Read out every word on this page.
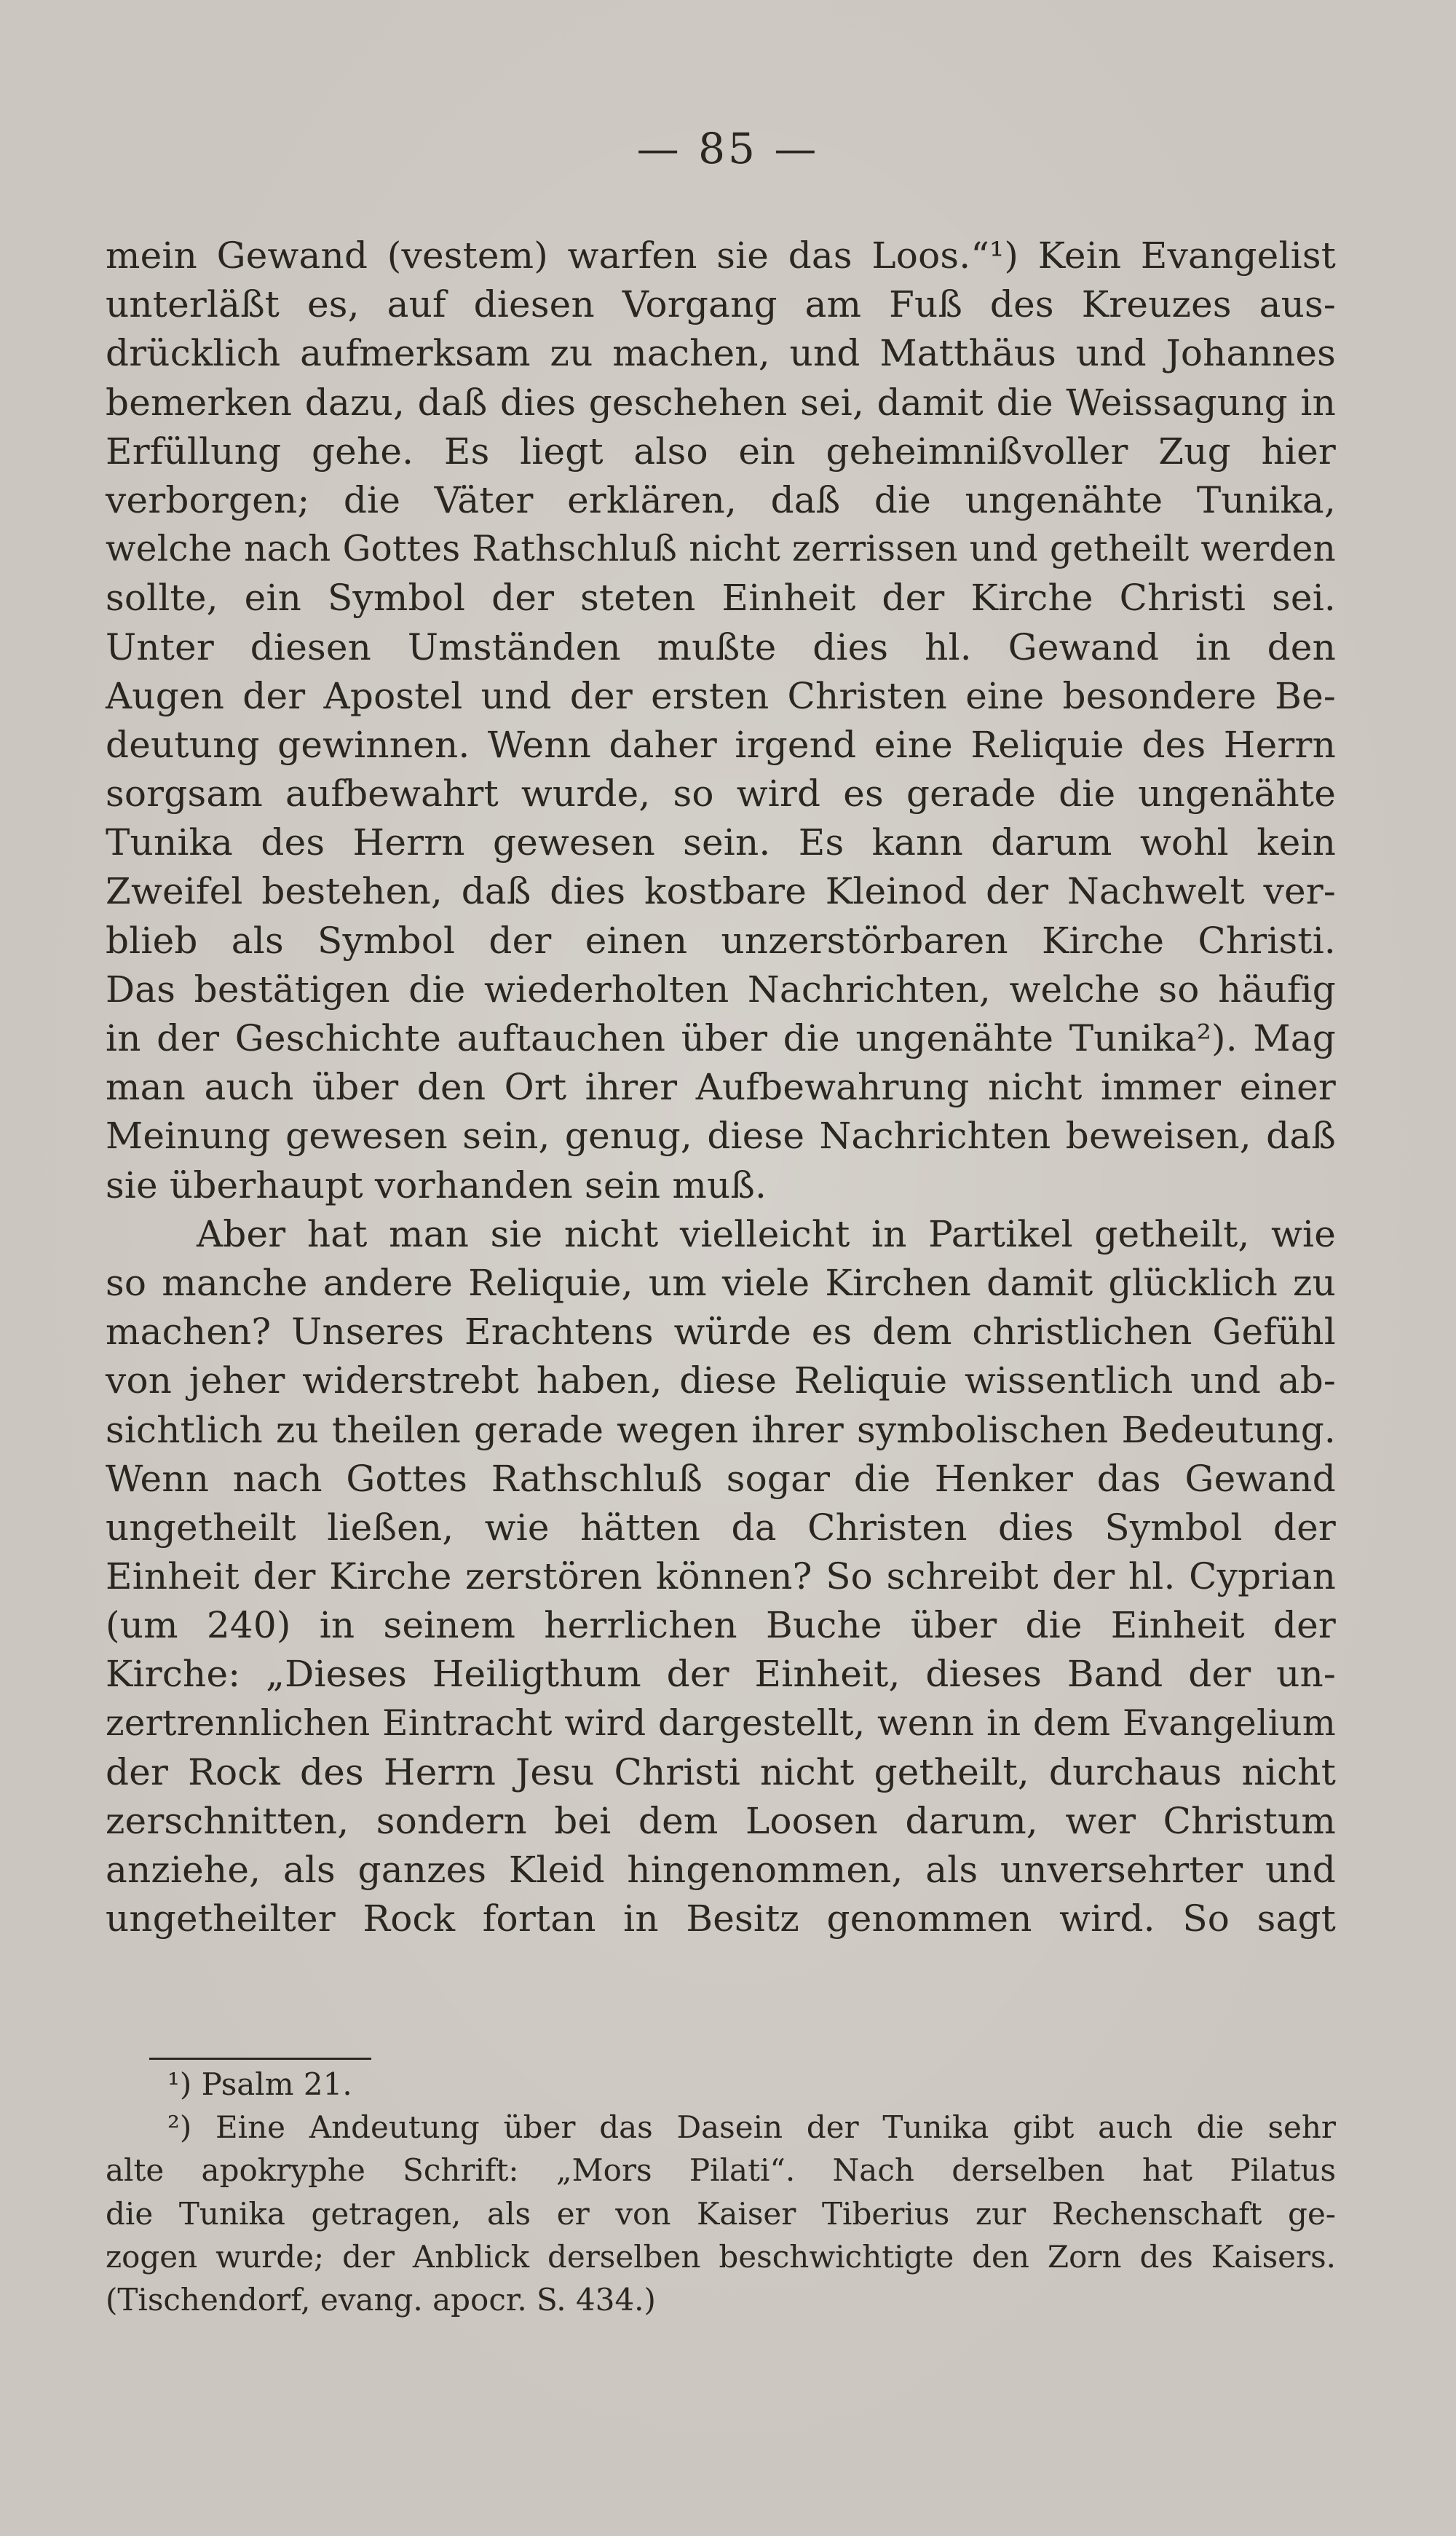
— 85 —
mein Gewand (vestem) warfen sie das Loos.“¹) Kein Evangelist
unterläßt es, auf diesen Vorgang am Fuß des Kreuzes aus-
drücklich aufmerksam zu machen, und Matthäus und Johannes
bemerken dazu, daß dies geschehen sei, damit die Weissagung in
Erfüllung gehe. Es liegt also ein geheimnißvoller Zug hier
verborgen; die Väter erklären, daß die ungenähte Tunika,
welche nach Gottes Rathschluß nicht zerrissen und getheilt werden
sollte, ein Symbol der steten Einheit der Kirche Christi sei.
Unter diesen Umständen mußte dies hl. Gewand in den
Augen der Apostel und der ersten Christen eine besondere Be-
deutung gewinnen. Wenn daher irgend eine Reliquie des Herrn
sorgsam aufbewahrt wurde, so wird es gerade die ungenähte
Tunika des Herrn gewesen sein. Es kann darum wohl kein
Zweifel bestehen, daß dies kostbare Kleinod der Nachwelt ver-
blieb als Symbol der einen unzerstörbaren Kirche Christi.
Das bestätigen die wiederholten Nachrichten, welche so häufig
in der Geschichte auftauchen über die ungenähte Tunika²). Mag
man auch über den Ort ihrer Aufbewahrung nicht immer einer
Meinung gewesen sein, genug, diese Nachrichten beweisen, daß
sie überhaupt vorhanden sein muß.
Aber hat man sie nicht vielleicht in Partikel getheilt, wie
so manche andere Reliquie, um viele Kirchen damit glücklich zu
machen? Unseres Erachtens würde es dem christlichen Gefühl
von jeher widerstrebt haben, diese Reliquie wissentlich und ab-
sichtlich zu theilen gerade wegen ihrer symbolischen Bedeutung.
Wenn nach Gottes Rathschluß sogar die Henker das Gewand
ungetheilt ließen, wie hätten da Christen dies Symbol der
Einheit der Kirche zerstören können? So schreibt der hl. Cyprian
(um 240) in seinem herrlichen Buche über die Einheit der
Kirche: „Dieses Heiligthum der Einheit, dieses Band der un-
zertrennlichen Eintracht wird dargestellt, wenn in dem Evangelium
der Rock des Herrn Jesu Christi nicht getheilt, durchaus nicht
zerschnitten, sondern bei dem Loosen darum, wer Christum
anziehe, als ganzes Kleid hingenommen, als unversehrter und
ungetheilter Rock fortan in Besitz genommen wird. So sagt
¹) Psalm 21.
²) Eine Andeutung über das Dasein der Tunika gibt auch die sehr
alte apokryphe Schrift: „Mors Pilati“. Nach derselben hat Pilatus
die Tunika getragen, als er von Kaiser Tiberius zur Rechenschaft ge-
zogen wurde; der Anblick derselben beschwichtigte den Zorn des Kaisers.
(Tischendorf, evang. apocr. S. 434.)
